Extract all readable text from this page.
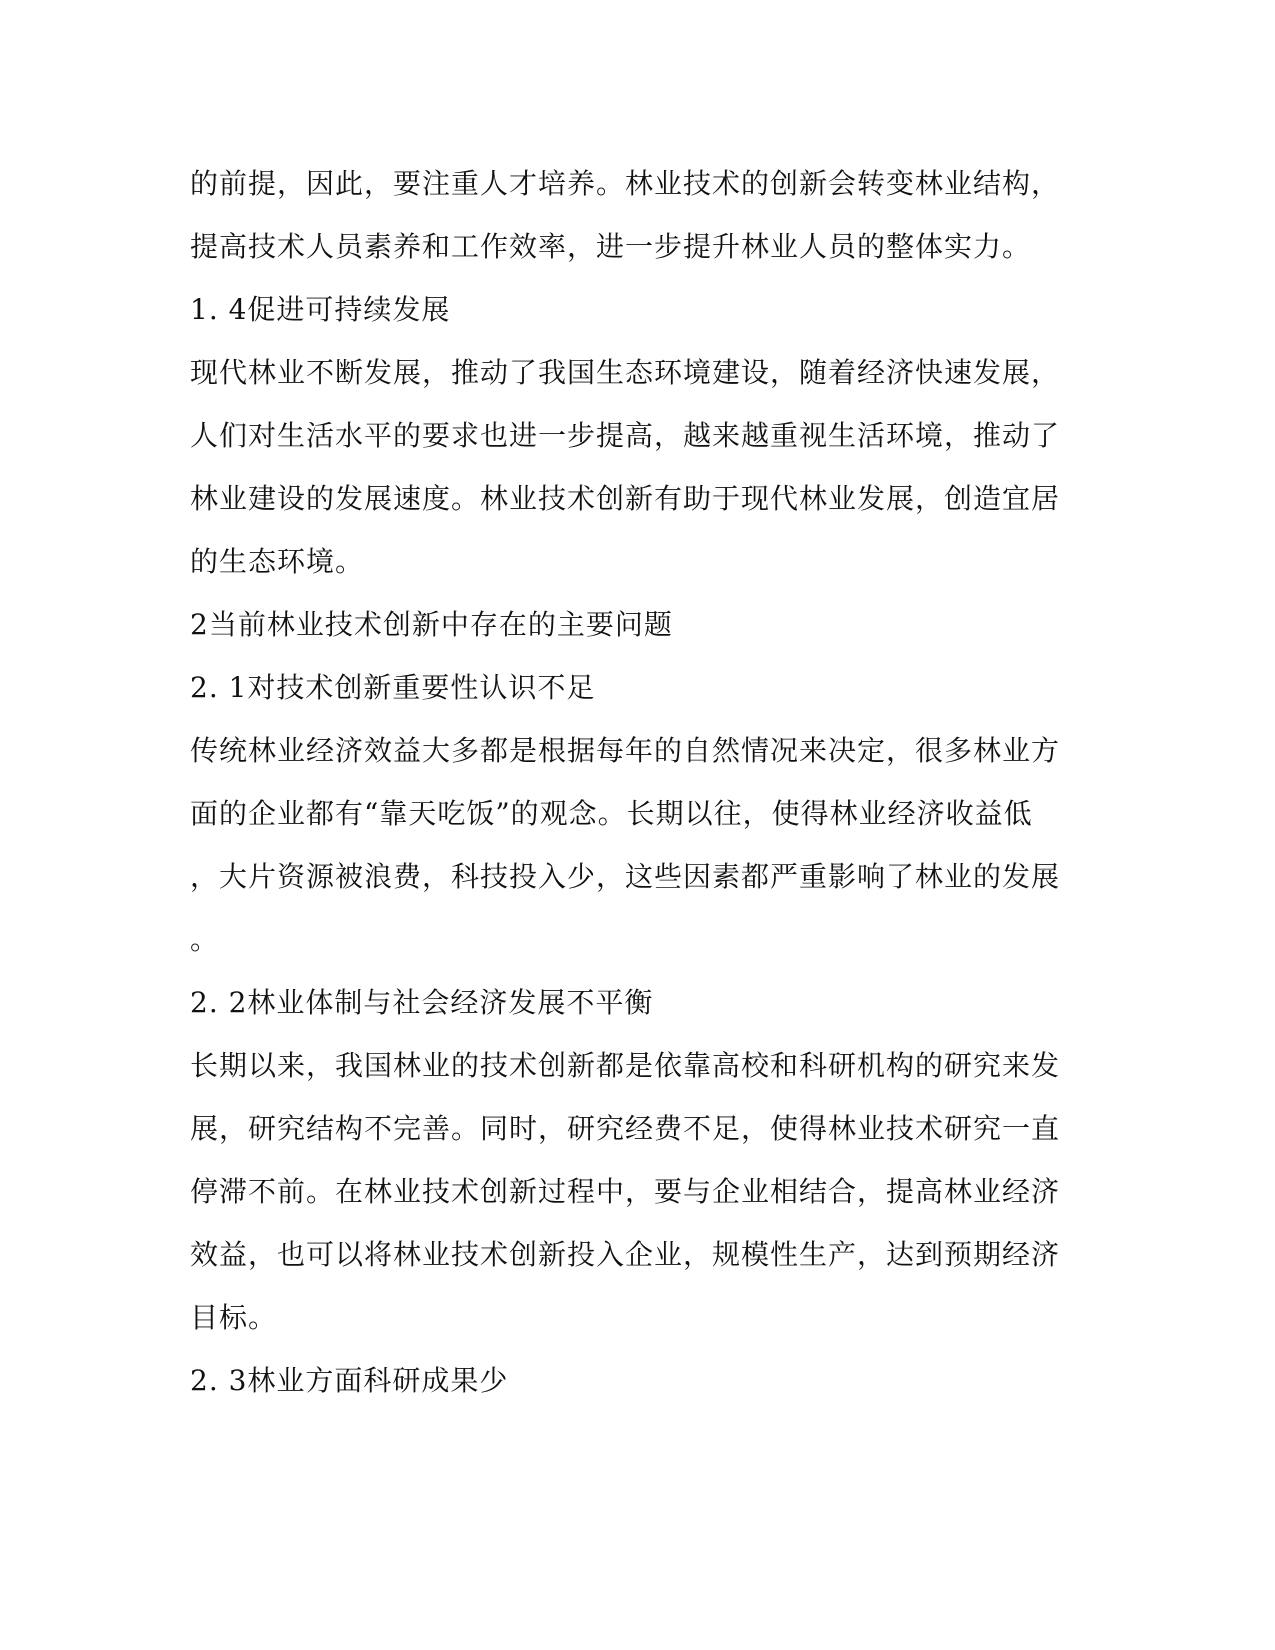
的前提，因此，要注重人才培养。林业技术的创新会转变林业结构，
提高技术人员素养和工作效率，进一步提升林业人员的整体实力。
1. 4促进可持续发展
现代林业不断发展，推动了我国生态环境建设，随着经济快速发展，
人们对生活水平的要求也进一步提高，越来越重视生活环境，推动了
林业建设的发展速度。林业技术创新有助于现代林业发展，创造宜居
的生态环境。
2当前林业技术创新中存在的主要问题
2. 1对技术创新重要性认识不足
传统林业经济效益大多都是根据每年的自然情况来决定，很多林业方
面的企业都有“靠天吃饭”的观念。长期以往，使得林业经济收益低
，大片资源被浪费，科技投入少，这些因素都严重影响了林业的发展
。
2. 2林业体制与社会经济发展不平衡
长期以来，我国林业的技术创新都是依靠高校和科研机构的研究来发
展，研究结构不完善。同时，研究经费不足，使得林业技术研究一直
停滞不前。在林业技术创新过程中，要与企业相结合，提高林业经济
效益，也可以将林业技术创新投入企业，规模性生产，达到预期经济
目标。
2. 3林业方面科研成果少
